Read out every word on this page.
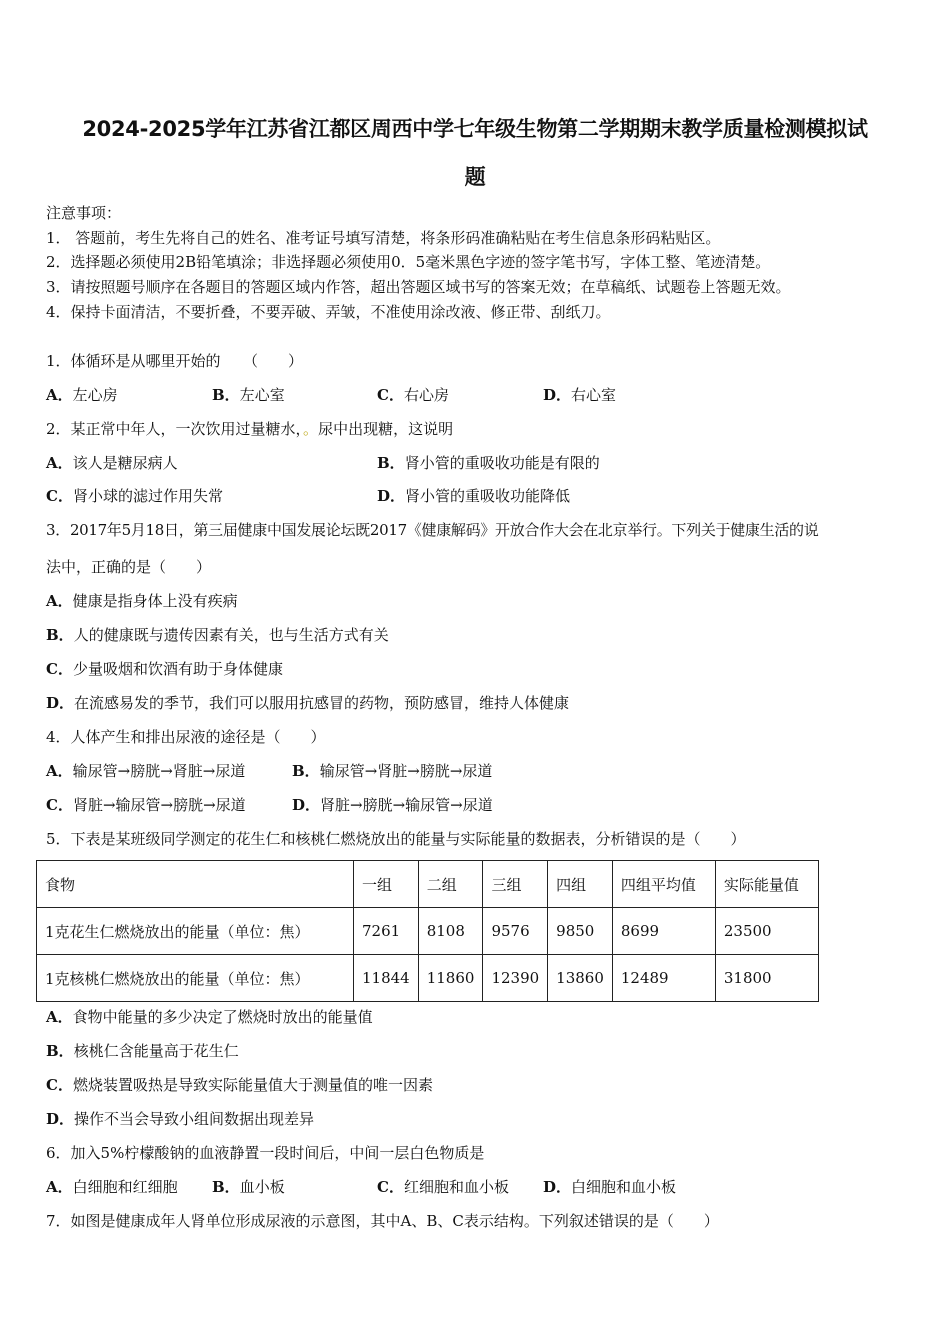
2024-2025学年江苏省江都区周西中学七年级生物第二学期期末教学质量检测模拟试
题
注意事项：
1． 答题前，考生先将自己的姓名、准考证号填写清楚，将条形码准确粘贴在考生信息条形码粘贴区。
2．选择题必须使用2B铅笔填涂；非选择题必须使用0．5毫米黑色字迹的签字笔书写，字体工整、笔迹清楚。
3．请按照题号顺序在各题目的答题区域内作答，超出答题区域书写的答案无效；在草稿纸、试题卷上答题无效。
4．保持卡面清洁，不要折叠，不要弄破、弄皱，不准使用涂改液、修正带、刮纸刀。
1．体循环是从哪里开始的　　（　　）
A．左心房	B．左心室	C．右心房	D．右心室
2．某正常中年人，一次饮用过量糖水，。尿中出现糖，这说明
A．该人是糖尿病人	B．肾小管的重吸收功能是有限的
C．肾小球的滤过作用失常	D．肾小管的重吸收功能降低
3．2017年5月18日，第三届健康中国发展论坛既2017《健康解码》开放合作大会在北京举行。下列关于健康生活的说
法中，正确的是（　　）
A．健康是指身体上没有疾病
B．人的健康既与遗传因素有关，也与生活方式有关
C．少量吸烟和饮酒有助于身体健康
D．在流感易发的季节，我们可以服用抗感冒的药物，预防感冒，维持人体健康
4．人体产生和排出尿液的途径是（　　）
A．输尿管→膀胱→肾脏→尿道	B．输尿管→肾脏→膀胱→尿道
C．肾脏→输尿管→膀胱→尿道	D．肾脏→膀胱→输尿管→尿道
5．下表是某班级同学测定的花生仁和核桃仁燃烧放出的能量与实际能量的数据表，分析错误的是（　　）
食物	一组	二组	三组	四组	四组平均值	实际能量值
1克花生仁燃烧放出的能量（单位：焦）	7261	8108	9576	9850	8699	23500
1克核桃仁燃烧放出的能量（单位：焦）	11844	11860	12390	13860	12489	31800
A．食物中能量的多少决定了燃烧时放出的能量值
B．核桃仁含能量高于花生仁
C．燃烧装置吸热是导致实际能量值大于测量值的唯一因素
D．操作不当会导致小组间数据出现差异
6．加入5%柠檬酸钠的血液静置一段时间后，中间一层白色物质是
A．白细胞和红细胞 B．血小板	C．红细胞和血小板 D．白细胞和血小板
7．如图是健康成年人肾单位形成尿液的示意图，其中A、B、C表示结构。下列叙述错误的是（　　）
